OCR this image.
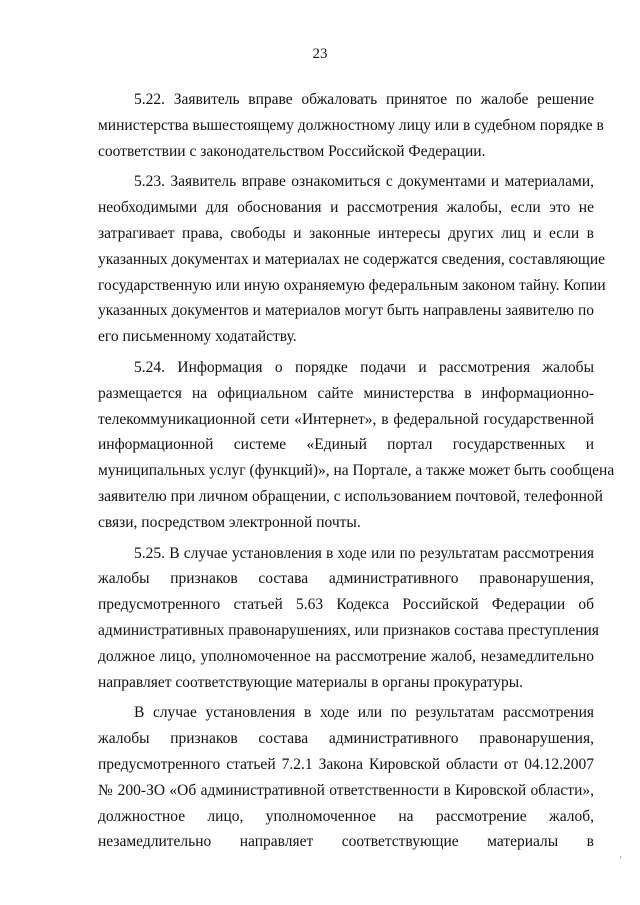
23
5.22. Заявитель вправе обжаловать принятое по жалобе решение
министерства вышестоящему должностному лицу или в судебном порядке в
соответствии с законодательством Российской Федерации.
5.23. Заявитель вправе ознакомиться с документами и материалами,
необходимыми для обоснования и рассмотрения жалобы, если это не
затрагивает права, свободы и законные интересы других лиц и если в
указанных документах и материалах не содержатся сведения, составляющие
государственную или иную охраняемую федеральным законом тайну. Копии
указанных документов и материалов могут быть направлены заявителю по
его письменному ходатайству.
5.24. Информация о порядке подачи и рассмотрения жалобы
размещается на официальном сайте министерства в информационно-
телекоммуникационной сети «Интернет», в федеральной государственной
информационной системе «Единый портал государственных и
муниципальных услуг (функций)», на Портале, а также может быть сообщена
заявителю при личном обращении, с использованием почтовой, телефонной
связи, посредством электронной почты.
5.25. В случае установления в ходе или по результатам рассмотрения
жалобы признаков состава административного правонарушения,
предусмотренного статьей 5.63 Кодекса Российской Федерации об
административных правонарушениях, или признаков состава преступления
должное лицо, уполномоченное на рассмотрение жалоб, незамедлительно
направляет соответствующие материалы в органы прокуратуры.
В случае установления в ходе или по результатам рассмотрения
жалобы признаков состава административного правонарушения,
предусмотренного статьей 7.2.1 Закона Кировской области от 04.12.2007
№ 200-ЗО «Об административной ответственности в Кировской области»,
должностное лицо, уполномоченное на рассмотрение жалоб,
незамедлительно направляет соответствующие материалы в
'
